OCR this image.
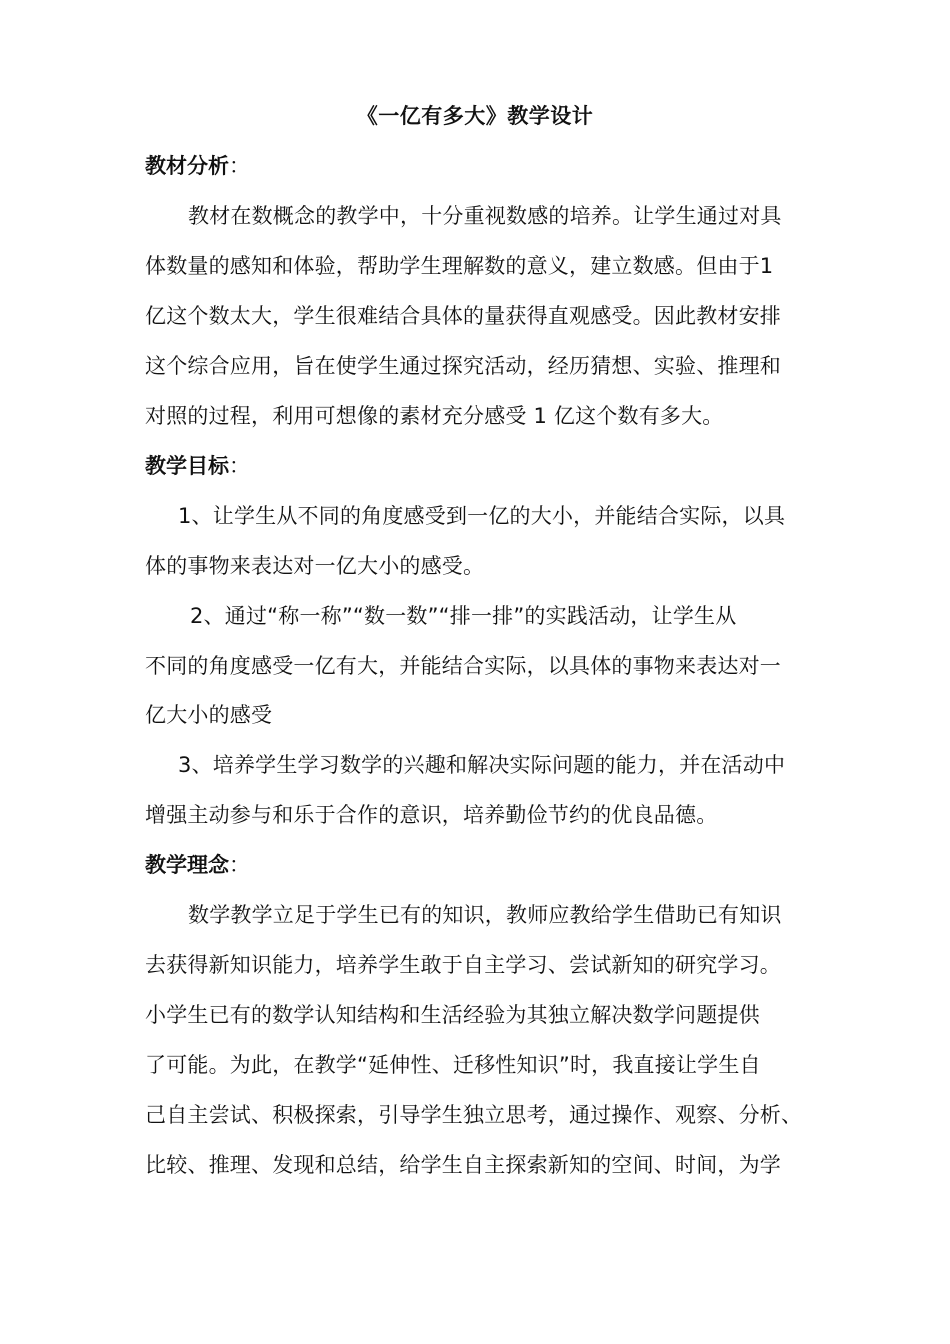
《一亿有多大》教学设计
教材分析：
教材在数概念的教学中，十分重视数感的培养。让学生通过对具
体数量的感知和体验，帮助学生理解数的意义，建立数感。但由于1
亿这个数太大，学生很难结合具体的量获得直观感受。因此教材安排
这个综合应用，旨在使学生通过探究活动，经历猜想、实验、推理和
对照的过程，利用可想像的素材充分感受 1 亿这个数有多大。
教学目标：
1、让学生从不同的角度感受到一亿的大小，并能结合实际，以具
体的事物来表达对一亿大小的感受。
2、通过“称一称”“数一数”“排一排”的实践活动，让学生从
不同的角度感受一亿有大，并能结合实际，以具体的事物来表达对一
亿大小的感受
3、培养学生学习数学的兴趣和解决实际问题的能力，并在活动中
增强主动参与和乐于合作的意识，培养勤俭节约的优良品德。
教学理念：
数学教学立足于学生已有的知识，教师应教给学生借助已有知识
去获得新知识能力，培养学生敢于自主学习、尝试新知的研究学习。
小学生已有的数学认知结构和生活经验为其独立解决数学问题提供
了可能。为此，在教学“延伸性、迁移性知识”时，我直接让学生自
己自主尝试、积极探索，引导学生独立思考，通过操作、观察、分析、
比较、推理、发现和总结，给学生自主探索新知的空间、时间，为学
